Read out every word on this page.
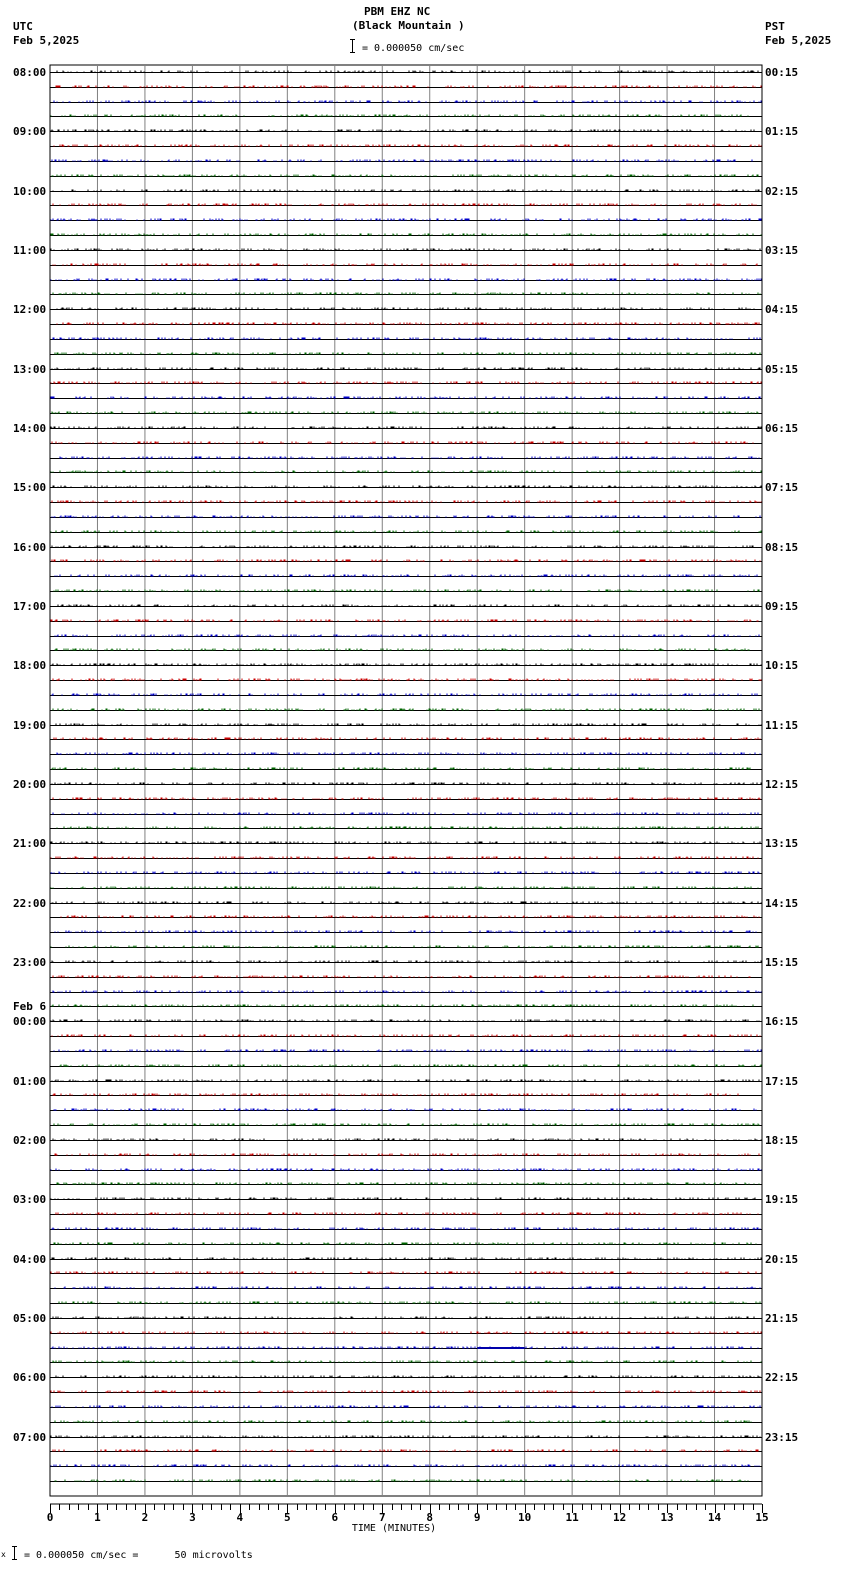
UTC
Feb 5,2025
PBM EHZ NC
(Black Mountain )
= 0.000050 cm/sec
PST
Feb 5,2025
08:00
09:00
10:00
11:00
12:00
13:00
14:00
15:00
16:00
17:00
18:00
19:00
20:00
21:00
22:00
23:00
00:00
Feb 6
01:00
02:00
03:00
04:00
05:00
06:00
07:00
00:15
01:15
02:15
03:15
04:15
05:15
06:15
07:15
08:15
09:15
10:15
11:15
12:15
13:15
14:15
15:15
16:15
17:15
18:15
19:15
20:15
21:15
22:15
23:15
0	1	2	3	4	5	6	7	8	9	10	11	12	13	14	15
TIME (MINUTES)
x = 0.000050 cm/sec =      50 microvolts
